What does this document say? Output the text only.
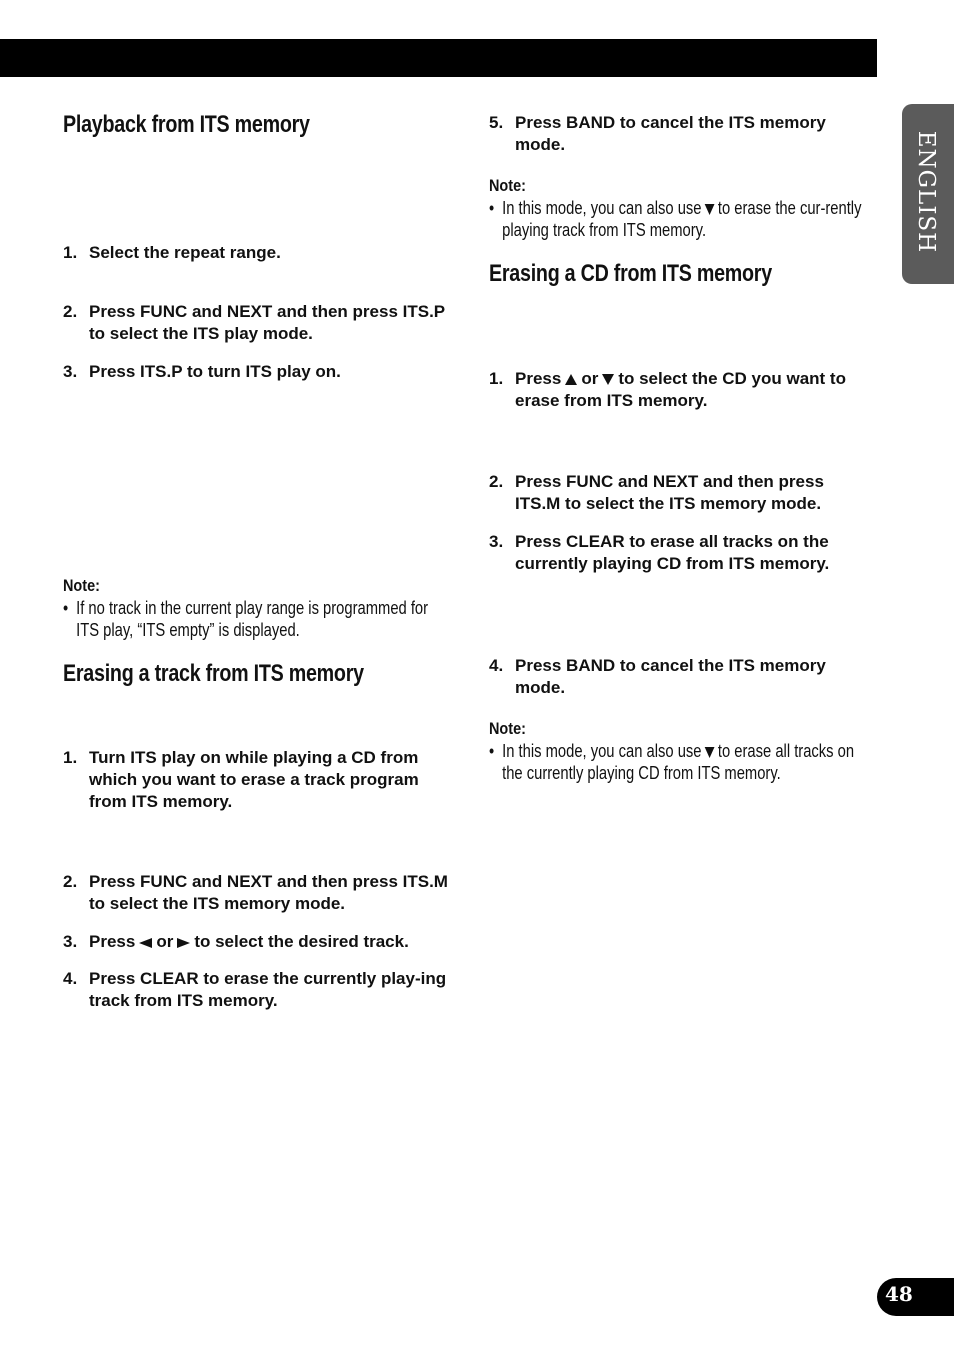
ENGLISH
48
Playback from ITS memory
1. Select the repeat range.
2. Press FUNC and NEXT and then press ITS.P to select the ITS play mode.
3. Press ITS.P to turn ITS play on.
Note:
• If no track in the current play range is programmed for ITS play, “ITS empty” is displayed.
Erasing a track from ITS memory
1. Turn ITS play on while playing a CD from which you want to erase a track program from ITS memory.
2. Press FUNC and NEXT and then press ITS.M to select the ITS memory mode.
3. Press or to select the desired track.
4. Press CLEAR to erase the currently play-ing track from ITS memory.
5. Press BAND to cancel the ITS memory mode.
Note:
• In this mode, you can also use to erase the cur-rently playing track from ITS memory.
Erasing a CD from ITS memory
1. Press or to select the CD you want to erase from ITS memory.
2. Press FUNC and NEXT and then press ITS.M to select the ITS memory mode.
3. Press CLEAR to erase all tracks on the currently playing CD from ITS memory.
4. Press BAND to cancel the ITS memory mode.
Note:
• In this mode, you can also use to erase all tracks on the currently playing CD from ITS memory.
